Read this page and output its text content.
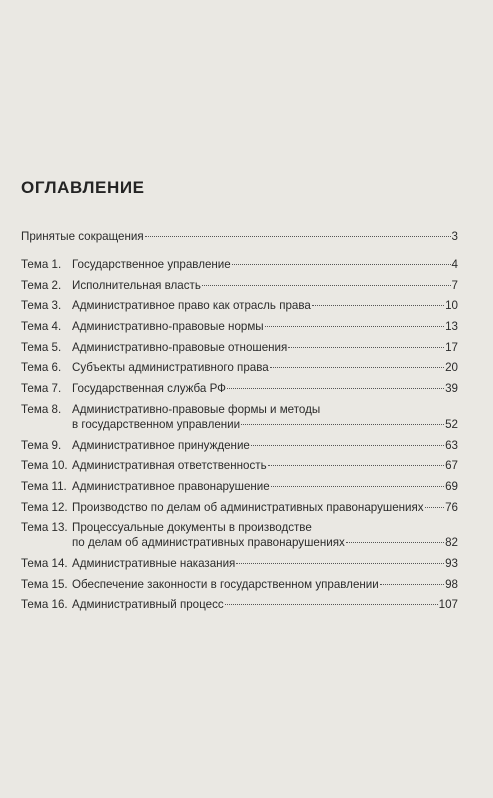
ОГЛАВЛЕНИЕ
Принятые сокращения	3
Тема 1. Государственное управление	4
Тема 2. Исполнительная власть	7
Тема 3. Административное право как отрасль права	10
Тема 4. Административно-правовые нормы	13
Тема 5. Административно-правовые отношения	17
Тема 6. Субъекты административного права	20
Тема 7. Государственная служба РФ	39
Тема 8. Административно-правовые формы и методы
в государственном управлении	52
Тема 9. Административное принуждение	63
Тема 10. Административная ответственность	67
Тема 11. Административное правонарушение	69
Тема 12. Производство по делам об административных правонарушениях 76
Тема 13. Процессуальные документы в производстве
по делам об административных правонарушениях	82
Тема 14. Административные наказания	93
Тема 15. Обеспечение законности в государственном управлении	98
Тема 16. Административный процесс	107
